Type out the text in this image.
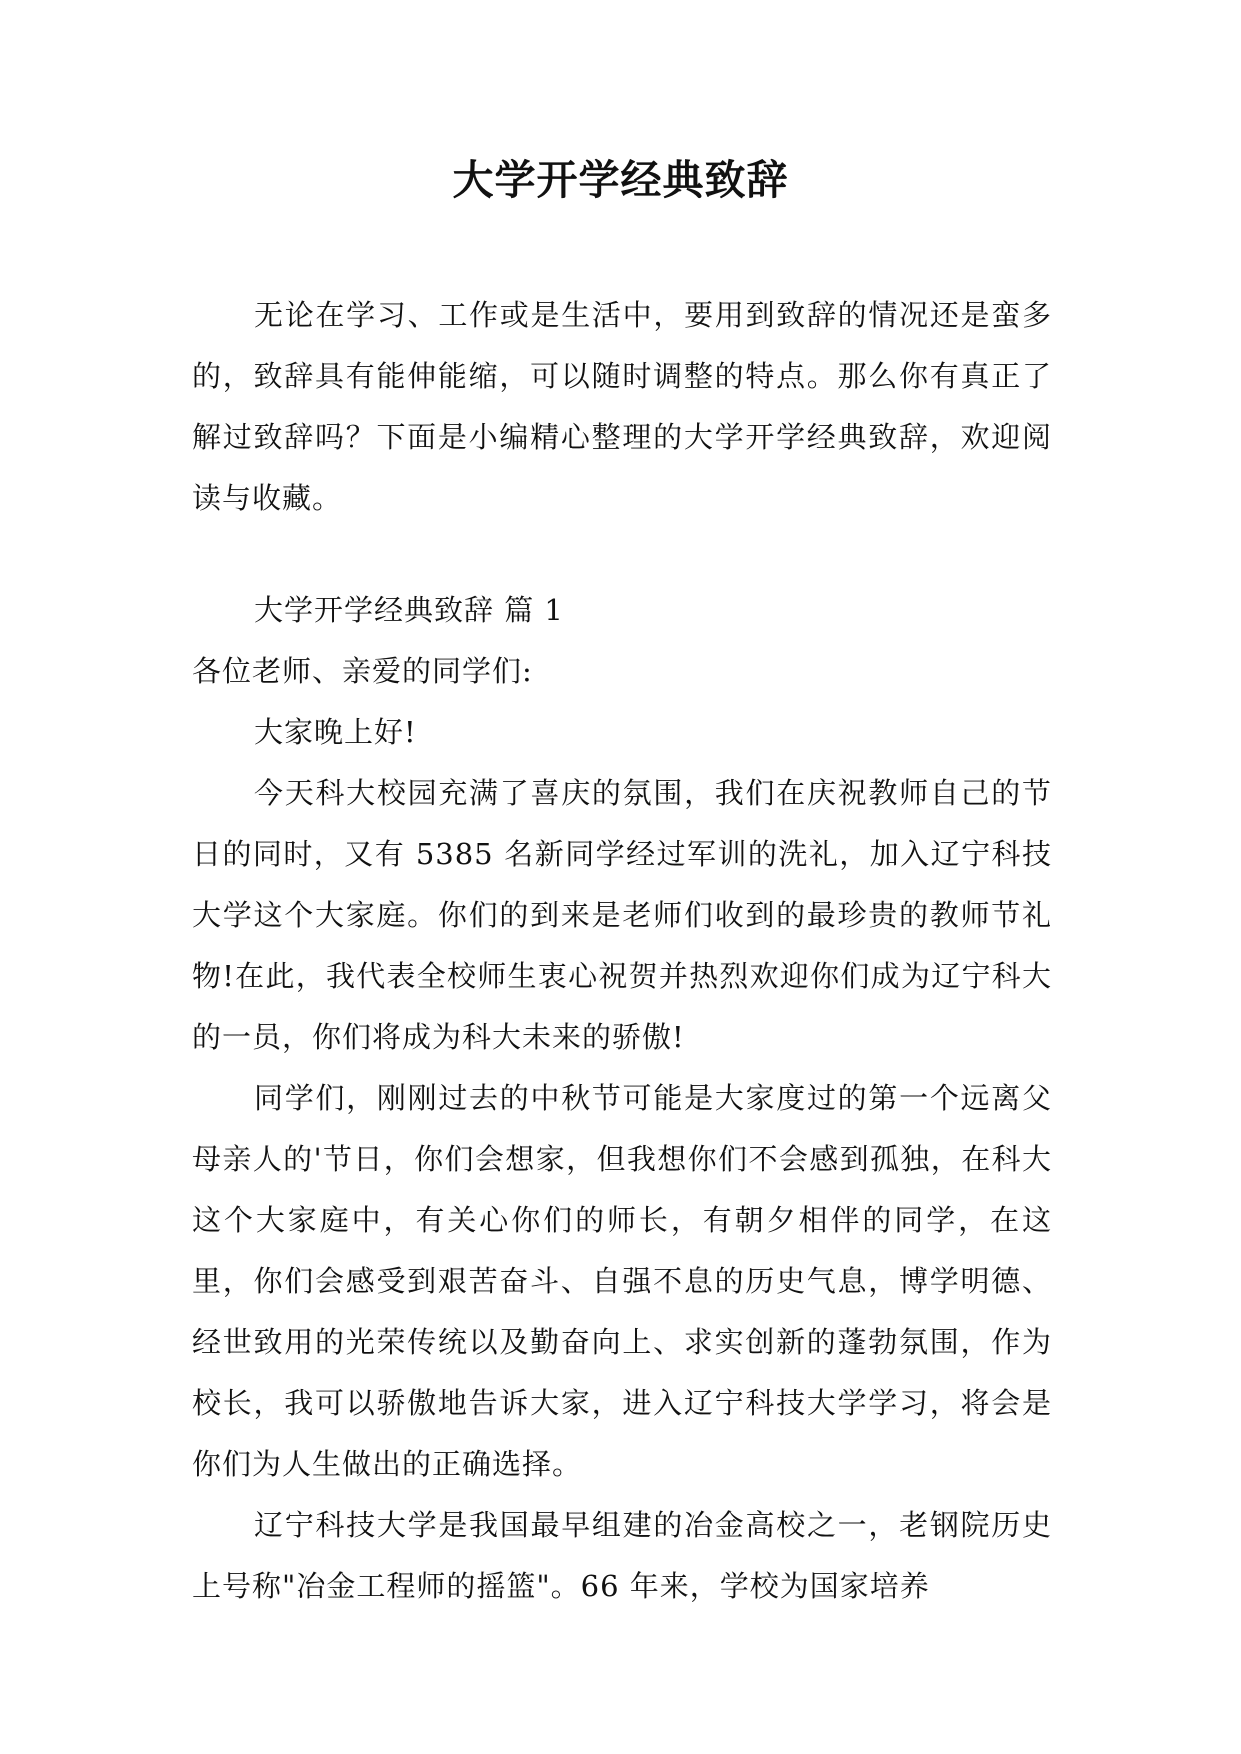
大学开学经典致辞

无论在学习、工作或是生活中，要用到致辞的情况还是蛮多的，致辞具有能伸能缩，可以随时调整的特点。那么你有真正了解过致辞吗？下面是小编精心整理的大学开学经典致辞，欢迎阅读与收藏。

大学开学经典致辞 篇 1

各位老师、亲爱的同学们:

大家晚上好!

今天科大校园充满了喜庆的氛围，我们在庆祝教师自己的节日的同时，又有 5385 名新同学经过军训的洗礼，加入辽宁科技大学这个大家庭。你们的到来是老师们收到的最珍贵的教师节礼物!在此，我代表全校师生衷心祝贺并热烈欢迎你们成为辽宁科大的一员，你们将成为科大未来的骄傲!

同学们，刚刚过去的中秋节可能是大家度过的第一个远离父母亲人的'节日，你们会想家，但我想你们不会感到孤独，在科大这个大家庭中，有关心你们的师长，有朝夕相伴的同学，在这里，你们会感受到艰苦奋斗、自强不息的历史气息，博学明德、经世致用的光荣传统以及勤奋向上、求实创新的蓬勃氛围，作为校长，我可以骄傲地告诉大家，进入辽宁科技大学学习，将会是你们为人生做出的正确选择。

辽宁科技大学是我国最早组建的冶金高校之一，老钢院历史上号称"冶金工程师的摇篮"。66 年来，学校为国家培养
